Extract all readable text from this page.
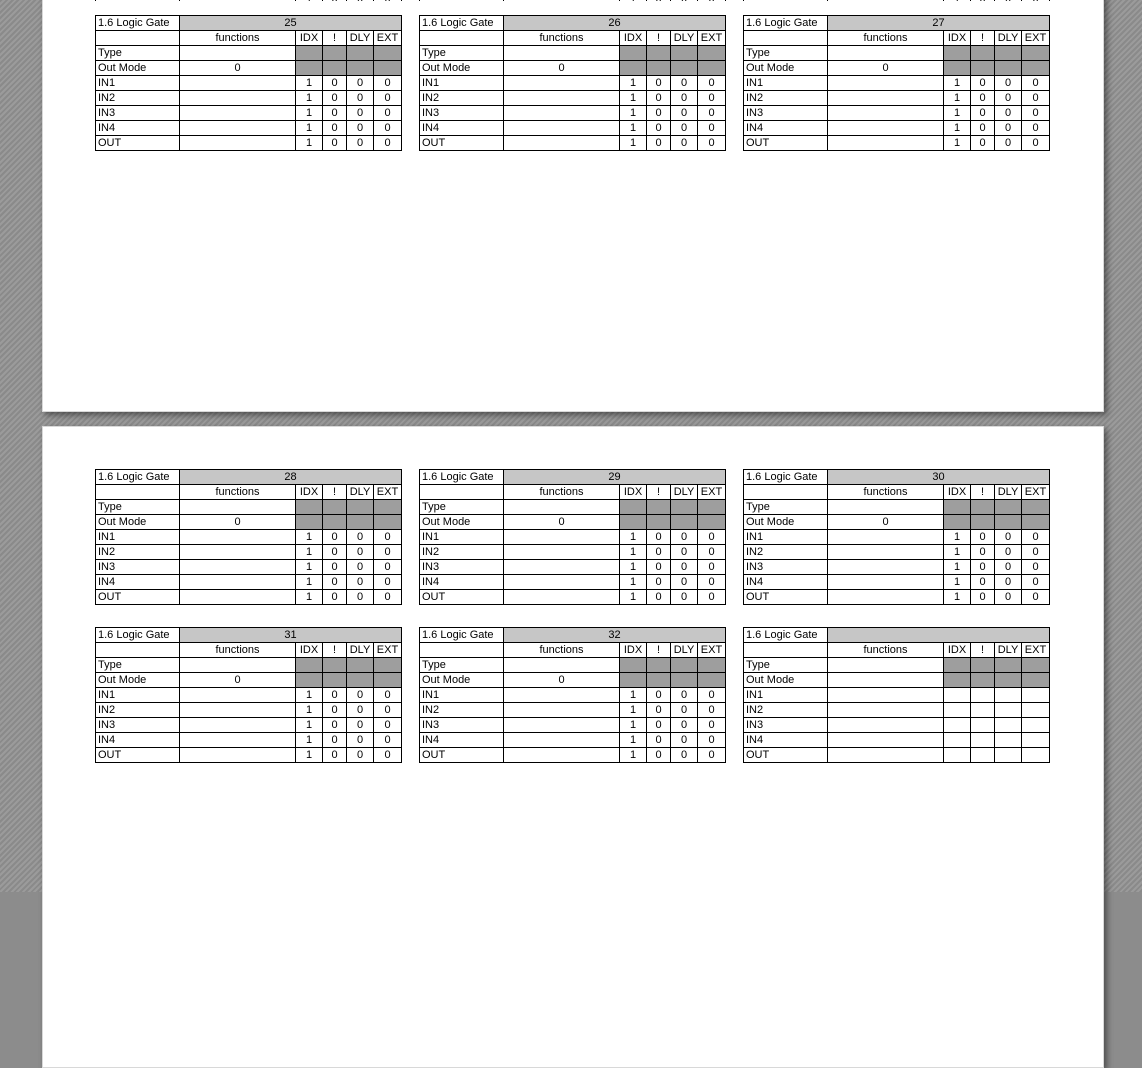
1.6 Logic Gate	25				
	functions	IDX	!	DLY	EXT
Type					
Out Mode	0				
IN1		1	0	0	0
IN2		1	0	0	0
IN3		1	0	0	0
IN4		1	0	0	0
OUT		1	0	0	0
1.6 Logic Gate	26				
	functions	IDX	!	DLY	EXT
Type					
Out Mode	0				
IN1		1	0	0	0
IN2		1	0	0	0
IN3		1	0	0	0
IN4		1	0	0	0
OUT		1	0	0	0
1.6 Logic Gate	27				
	functions	IDX	!	DLY	EXT
Type					
Out Mode	0				
IN1		1	0	0	0
IN2		1	0	0	0
IN3		1	0	0	0
IN4		1	0	0	0
OUT		1	0	0	0
1.6 Logic Gate	28				
	functions	IDX	!	DLY	EXT
Type					
Out Mode	0				
IN1		1	0	0	0
IN2		1	0	0	0
IN3		1	0	0	0
IN4		1	0	0	0
OUT		1	0	0	0
1.6 Logic Gate	29				
	functions	IDX	!	DLY	EXT
Type					
Out Mode	0				
IN1		1	0	0	0
IN2		1	0	0	0
IN3		1	0	0	0
IN4		1	0	0	0
OUT		1	0	0	0
1.6 Logic Gate	30				
	functions	IDX	!	DLY	EXT
Type					
Out Mode	0				
IN1		1	0	0	0
IN2		1	0	0	0
IN3		1	0	0	0
IN4		1	0	0	0
OUT		1	0	0	0
1.6 Logic Gate	31				
	functions	IDX	!	DLY	EXT
Type					
Out Mode	0				
IN1		1	0	0	0
IN2		1	0	0	0
IN3		1	0	0	0
IN4		1	0	0	0
OUT		1	0	0	0
1.6 Logic Gate	32				
	functions	IDX	!	DLY	EXT
Type					
Out Mode	0				
IN1		1	0	0	0
IN2		1	0	0	0
IN3		1	0	0	0
IN4		1	0	0	0
OUT		1	0	0	0
1.6 Logic Gate					
	functions	IDX	!	DLY	EXT
Type					
Out Mode					
IN1					
IN2					
IN3					
IN4					
OUT					
